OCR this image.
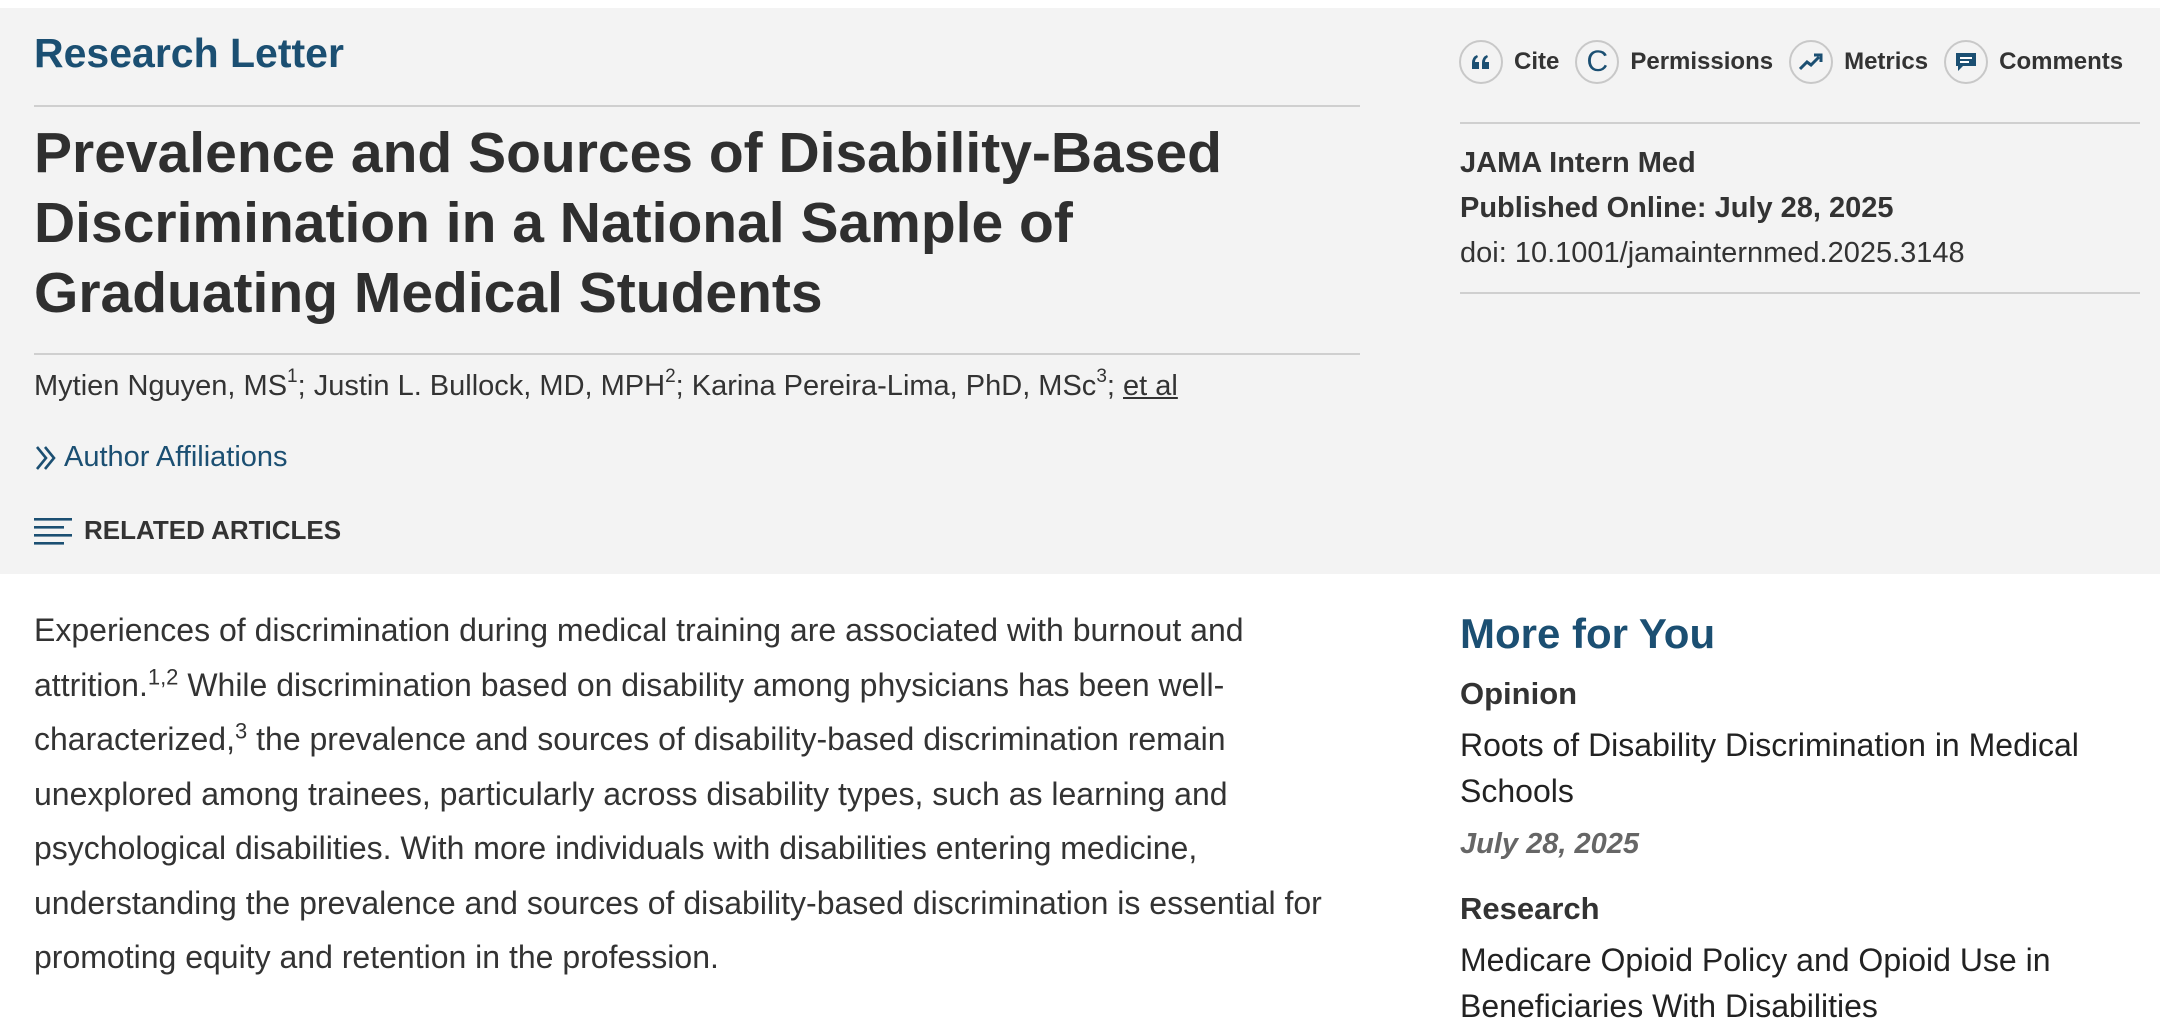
Research Letter
Prevalence and Sources of Disability-Based Discrimination in a National Sample of Graduating Medical Students
Mytien Nguyen, $MS^1$; Justin L. Bullock, MD, MPH$^2$; Karina Pereira-Lima, PhD, MSc$^3$; et al
Author Affiliations
RELATED ARTICLES
Cite C Permissions	Metrics	Comments
JAMA Intern Med
Published Online: July 28, 2025
doi: 10.1001/jamainternmed.2025.3148

Experiences of discrimination during medical training are associated with burnout and attrition.$^{1,2}$ While discrimination based on disability among physicians has been well-characterized,$^3$ the prevalence and sources of disability-based discrimination remain unexplored among trainees, particularly across disability types, such as learning and psychological disabilities. With more individuals with disabilities entering medicine, understanding the prevalence and sources of disability-based discrimination is essential for promoting equity and retention in the profession.

More for You
Opinion
Roots of Disability Discrimination in Medical Schools
July 28, 2025
Research
Medicare Opioid Policy and Opioid Use in Beneficiaries With Disabilities
